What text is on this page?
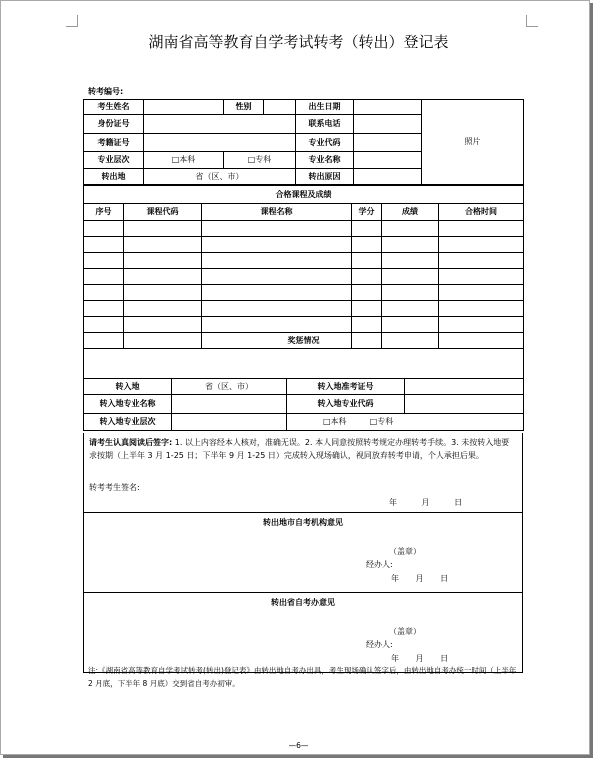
湖南省高等教育自学考试转考（转出）登记表
转考编号:
考生姓名		性别		出生日期		照片
身份证号				联系电话		
考籍证号				专业代码		
专业层次	□本科	□专科		专业名称		
转出地	省（区、市）			转出原因		
合格课程及成绩					
序号	课程代码	课程名称	学分	成绩	合格时间

奖惩情况			

转入地	省（区、市）	转入地准考证号	
转入地专业名称		转入地专业代码	
转入地专业层次		□本科 □专科	

请考生认真阅读后签字: 1. 以上内容经本人核对，准确无误。2. 本人同意按照转考规定办理转考手续。3. 未按转入地要求按期（上半年 3 月 1-25 日；下半年 9 月 1-25 日）完成转入现场确认，视同放弃转考申请，个人承担后果。

转考考生签名:
年 月 日
转出地市自考机构意见
（盖章）
经办人:
年 月 日
转出省自考办意见
（盖章）
经办人:
年 月 日
注:《湖南省高等教育自学考试转考(转出)登记表》由转出地自考办出具，考生现场确认签字后，由转出地自考办统一时间（上半年 2 月底，下半年 8 月底）交到省自考办初审。
—6—
